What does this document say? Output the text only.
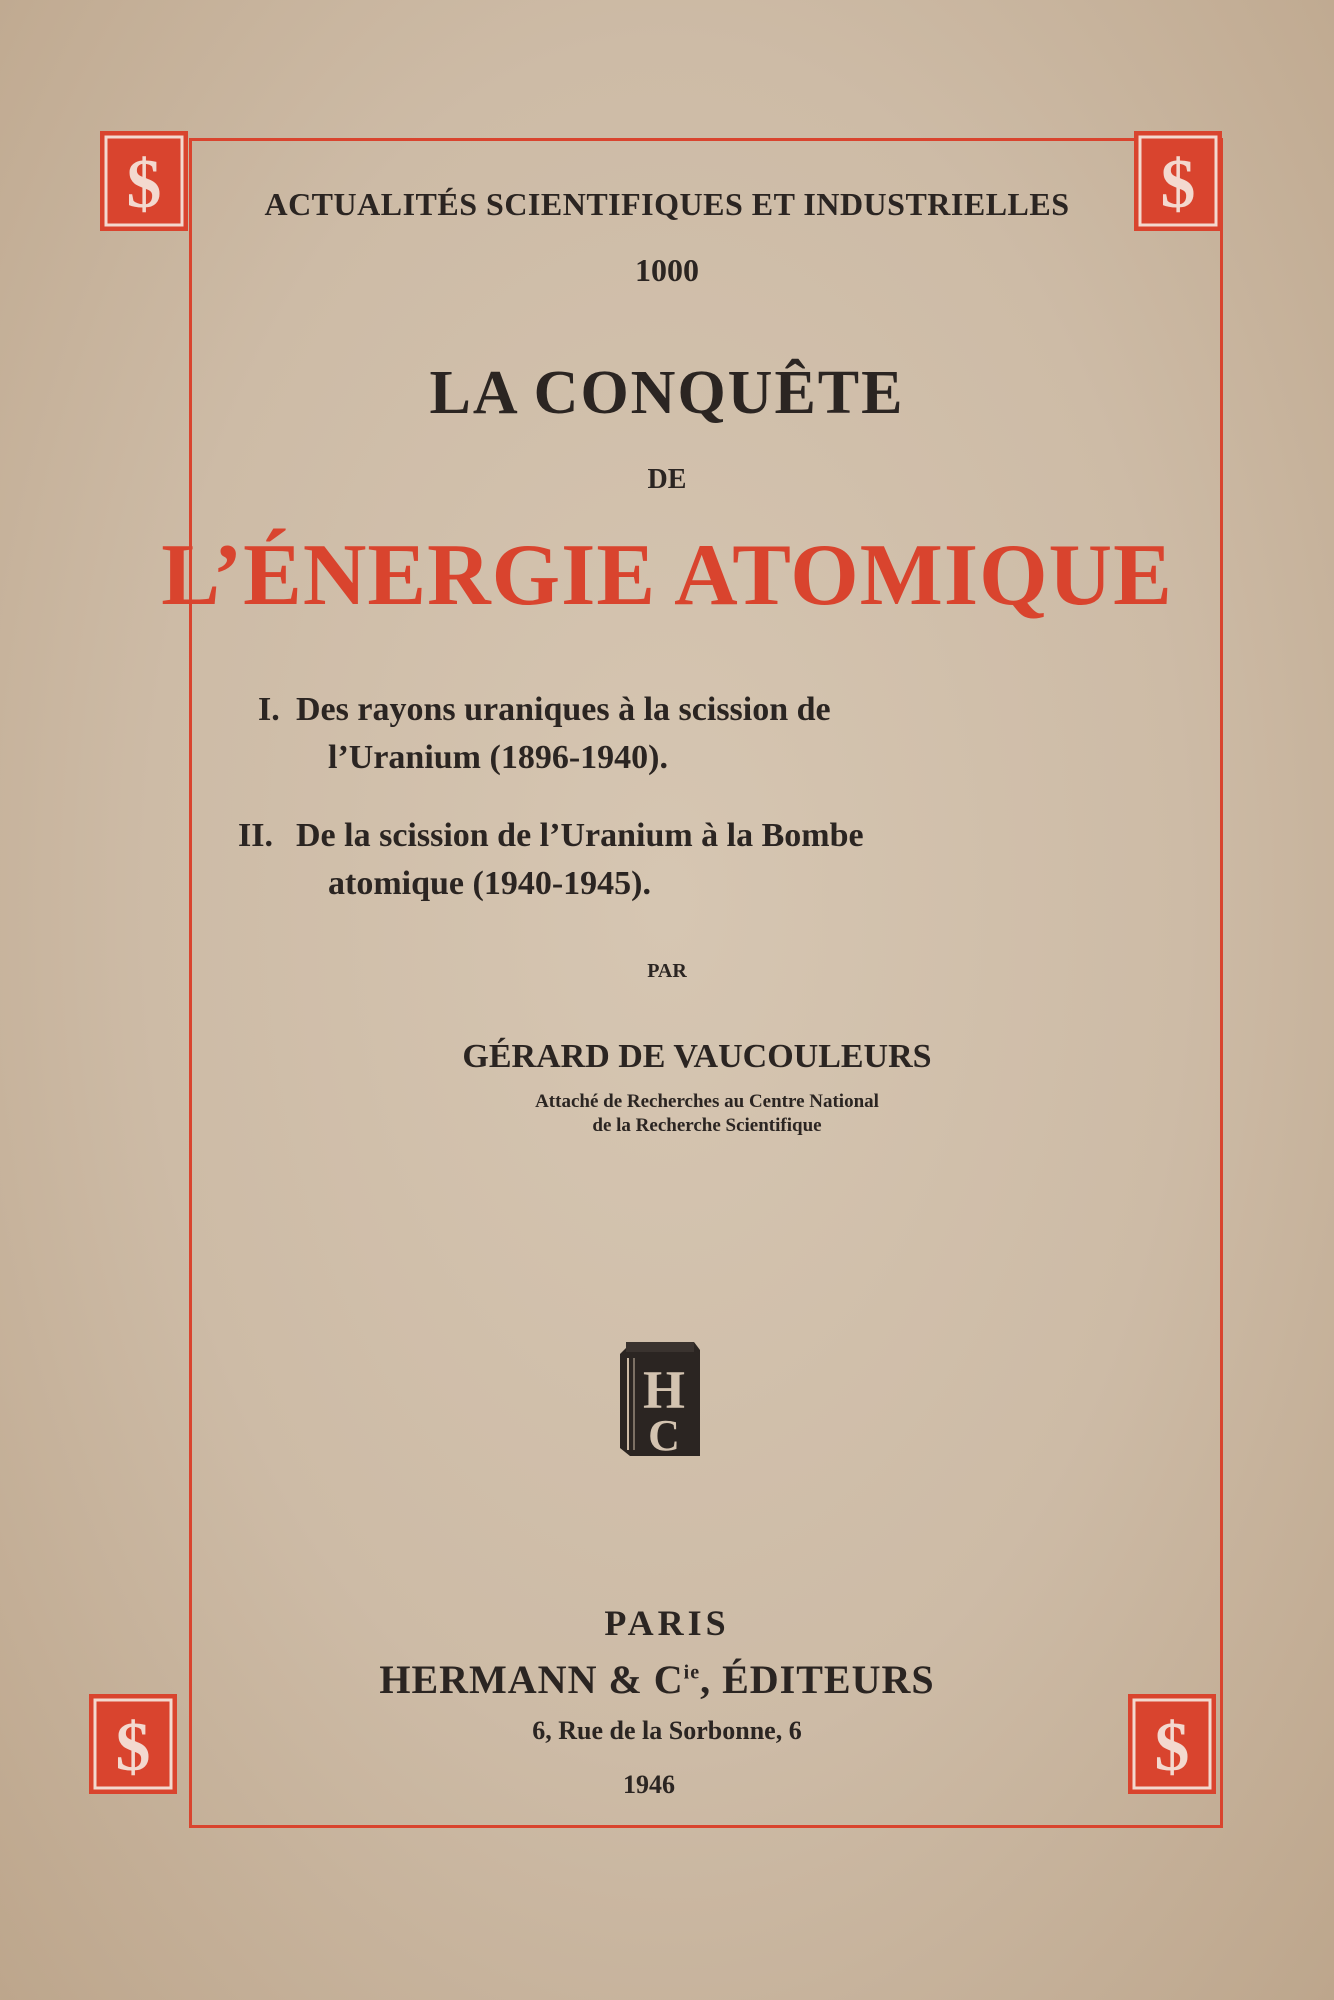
$	$
$	$
ACTUALITÉS SCIENTIFIQUES ET INDUSTRIELLES
1000
LA CONQUÊTE
DE
L’ÉNERGIE ATOMIQUE
I. Des rayons uraniques à la scission de
l’Uranium (1896-1940).
II. De la scission de l’Uranium à la Bombe
atomique (1940-1945).
PAR
GÉRARD DE VAUCOULEURS
Attaché de Recherches au Centre National
de la Recherche Scientifique
H
C
PARIS
HERMANN & $C^{ie}$, ÉDITEURS
6, Rue de la Sorbonne, 6
1946
